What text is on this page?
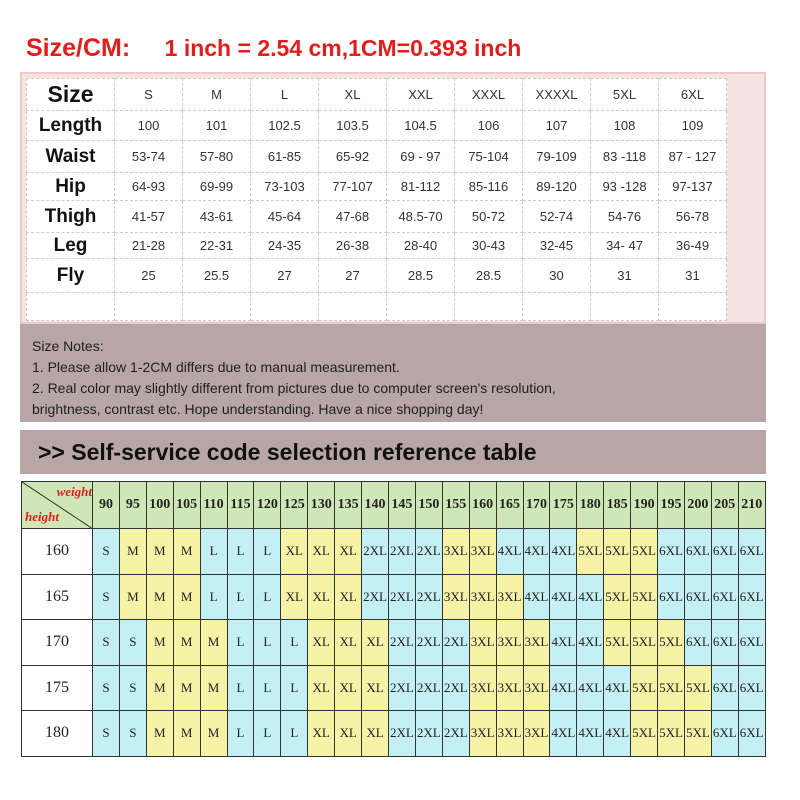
Size/CM: 1 inch = 2.54 cm,1CM=0.393 inch
Size	S	M	L	XL	XXL	XXXL	XXXXL	5XL	6XL
Length	100	101	102.5	103.5	104.5	106	107	108	109
Waist	53-74	57-80	61-85	65-92	69 - 97	75-104	79-109	83 -118	87 - 127
Hip	64-93	69-99	73-103	77-107	81-112	85-116	89-120	93 -128	97-137
Thigh	41-57	43-61	45-64	47-68	48.5-70	50-72	52-74	54-76	56-78
Leg	21-28	22-31	24-35	26-38	28-40	30-43	32-45	34- 47	36-49
Fly	25	25.5	27	27	28.5	28.5	30	31	31

Size Notes:
1. Please allow 1-2CM differs due to manual measurement.
2. Real color may slightly different from pictures due to computer screen's resolution,
brightness, contrast etc. Hope understanding. Have a nice shopping day!
>> Self-service code selection reference table
weight
height	90	95	100	105	110	115	120	125	130	135	140	145	150	155	160	165	170	175	180	185	190	195	200	205	210
160	S	M	M	M	L	L	L	XL	XL	XL	2XL	2XL	2XL	3XL	3XL	4XL	4XL	4XL	5XL	5XL	5XL	6XL	6XL	6XL	6XL
165	S	M	M	M	L	L	L	XL	XL	XL	2XL	2XL	2XL	3XL	3XL	3XL	4XL	4XL	4XL	5XL	5XL	6XL	6XL	6XL	6XL
170	S	S	M	M	M	L	L	L	XL	XL	XL	2XL	2XL	2XL	3XL	3XL	3XL	4XL	4XL	5XL	5XL	5XL	6XL	6XL	6XL
175	S	S	M	M	M	L	L	L	XL	XL	XL	2XL	2XL	2XL	3XL	3XL	3XL	4XL	4XL	4XL	5XL	5XL	5XL	6XL	6XL
180	S	S	M	M	M	L	L	L	XL	XL	XL	2XL	2XL	2XL	3XL	3XL	3XL	4XL	4XL	4XL	5XL	5XL	5XL	6XL	6XL
